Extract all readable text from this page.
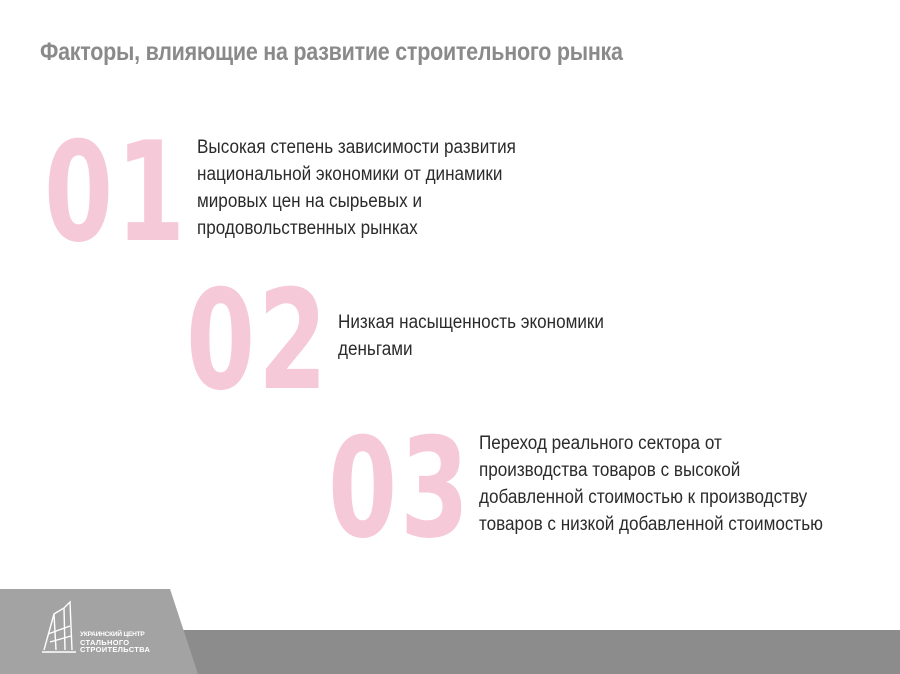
Факторы, влияющие на развитие строительного рынка
01 Высокая степень зависимости развития
национальной экономики от динамики
мировых цен на сырьевых и
продовольственных рынках
02 Низкая насыщенность экономики
деньгами
03 Переход реального сектора от
производства товаров с высокой
добавленной стоимостью к производству
товаров с низкой добавленной стоимостью
УКРАИНСКИЙ ЦЕНТР
СТАЛЬНОГО
СТРОИТЕЛЬСТВА
